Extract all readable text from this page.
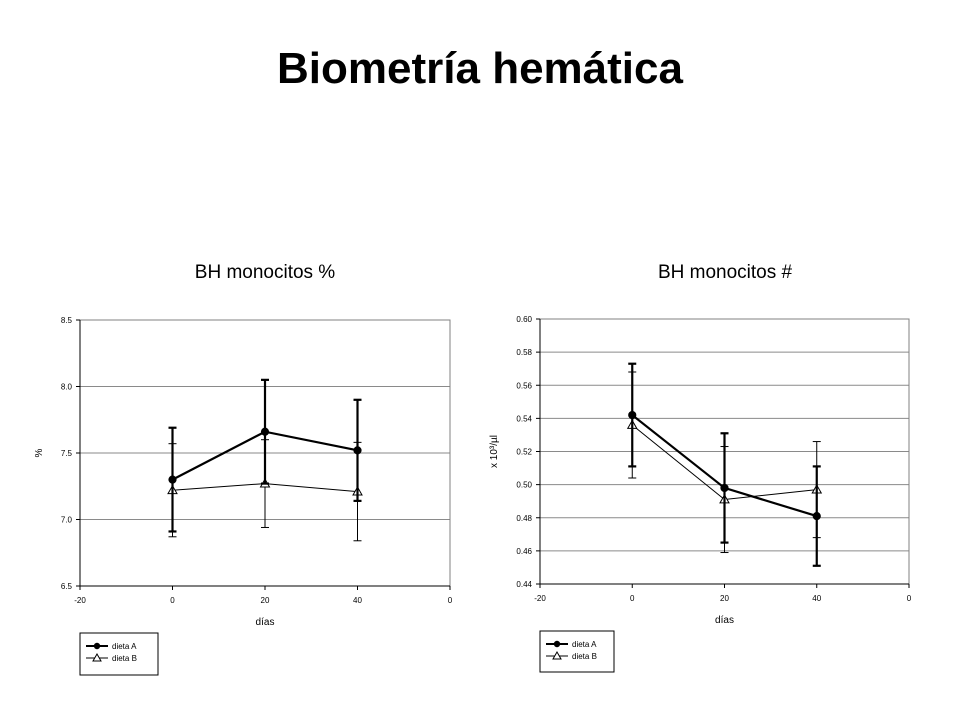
Biometría hemática
BH monocitos %
6.5
7.0
7.5
8.0
8.5
-20	0	20	40	0
días
%
dieta A
dieta B
BH monocitos #
0.44
0.46
0.48
0.50
0.52
0.54
0.56
0.58
0.60
-20	0	20	40	0
días
x 10³/µl
dieta A
dieta B
